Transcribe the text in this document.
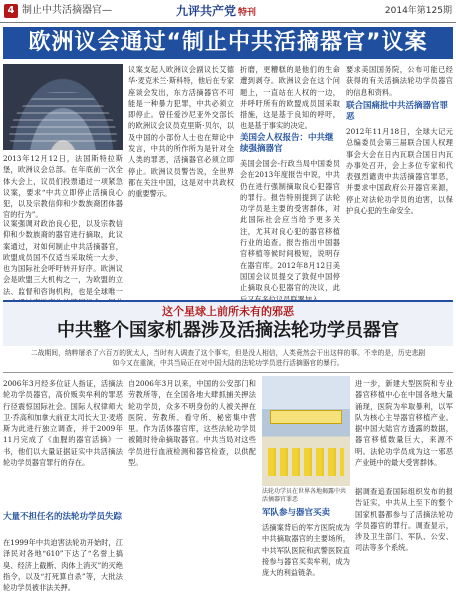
4 制止中共活摘器官—	九评共产党 特刊	2014年第125期
欧洲议会通过“制止中共活摘器官”议案
2013年12月12日，法国斯特拉斯堡，欧洲议会总部。在年底前一次全体大会上，议员们投票通过一项紧急议案，要求“中共立即停止活摘良心犯，以及宗教信仰和少数族裔团体器官的行为”。
议案强调对政治良心犯，以及宗教信仰和少数族裔的器官进行摘取，此议案通过，对如何制止中共活摘器官，欧盟成员国不仅适当采取统一大步，也为国际社会呼吁转开好序。欧洲议会是欧盟三大机构之一，为欧盟的立法、监督和咨询机构，也是全球唯一
议案支起人欧洲议会副议长艾德华·麦克米兰·斯科特，他后在专家座谈会发出，东方活摘器官不可能是一种暴力犯罪，中共必须立即停止。曾任爱沙尼亚外交部长的欧洲议会议员克里斯·贝尔，以及中国的小部份人士也在辩论中发言，中共的所作所为是针对全人类的罪恶，活摘器官必须立即停止。欧洲议员警告说，全世界都在关注中国，这是对中共政权的重要警示。
折磨，更糟糕的是他们的生命遭到剥夺。欧洲议会在这个问题上，一直站在人权的一边，并呼吁所有的欧盟成员国采取措施，这是基于良知的呼吁，也是基于事实的决定。
美国会人权报告：中共继续强摘器官
美国会国会-行政当局中国委员会在2013年度报告中说，中共仍在进行强制摘取良心犯器官的罪行。报告特别提到了法轮功学员是主要的受害群体，对此国际社会应当给予更多关注，尤其对良心犯的器官移植行业的追查。报告指出中国器官移植等候时间极短，说明存在器官库。2012年8月12日美国国会议员提交了敦促中国停止摘取良心犯器官的决议，此
要求美国国务院，公布可能已经获得的有关活摘法轮功学员器官的信息和资料。
联合国痛批中共活摘器官罪恶
2012年11月18日，全球大记元总编委员会第三届联合国人权理事会大会在日内瓦联合国日内瓦办事处召开，会上多位专家和代表强烈谴责中共活摘器官罪恶，并要求中国政府公开器官来源，停止对法轮功学员的迫害，以保护良心犯的生命安全。
这个星球上前所未有的邪恶
中共整个国家机器涉及活摘法轮功学员器官
二战期间，纳粹屠杀了六百万的犹太人，当时有人调查了这个事实，但是没人相信，人类竟然会干出这样的事。不幸的是，历史悲剧如今又在重演，中共当局正在对中国大陆的法轮功学员进行活摘器官的暴行。
2006年3月经多位证人指证，活摘法轮功学员器官，高价贩卖牟利的罪恶行径震惊国际社会。国际人权律师大卫·乔高和加拿大前亚太司长大卫·麦塔斯为此进行独立调查，并于2009年11月完成了《血腥的器官活摘》一书，他们以大量证据证实中共活摘法轮功学员器官罪行的存在。
大量不担任名的法轮功学员失踪
在1999年中共迫害法轮功开始时，江泽民对各地“610”下达了“名誉上搞臭、经济上截断、肉体上消灭”的灭绝指令，以及“打死算自杀”等，大批法轮功学员被非法关押。
自2006年3月以来，中国的公安部门和劳教所等，在全国各地大肆抓捕关押法轮功学员，众多不明身份的人被关押在医院、劳教所、看守所、秘密集中营里。作为活体器官库，这些法轮功学员被随时待命摘取器官。中共当局对这些学员进行血液检测和器官检查，以供配型。
法轮功学员在世界各地揭露中共活摘器官罪恶
军队参与器官买卖
活摘案背后的军方医院成为中共摘取器官的主要场所，中共军队医院和武警医院直接参与器官买卖牟利，成为庞大的利益链条。
进一步，新建大型医院和专业器官移植中心在中国各地大量涌现，医院为牟取暴利，以军队为核心主导器官移植产业。据中国大陆官方透露的数据，器官移植数量巨大，来源不明。法轮功学员成为这一邪恶产业链中的最大受害群体。
据调查追查国际组织发布的报告证实，中共从上至下的整个国家机器都参与了活摘法轮功学员器官的罪行。调查显示，涉及卫生部门、军队、公安、司法等多个系统。
